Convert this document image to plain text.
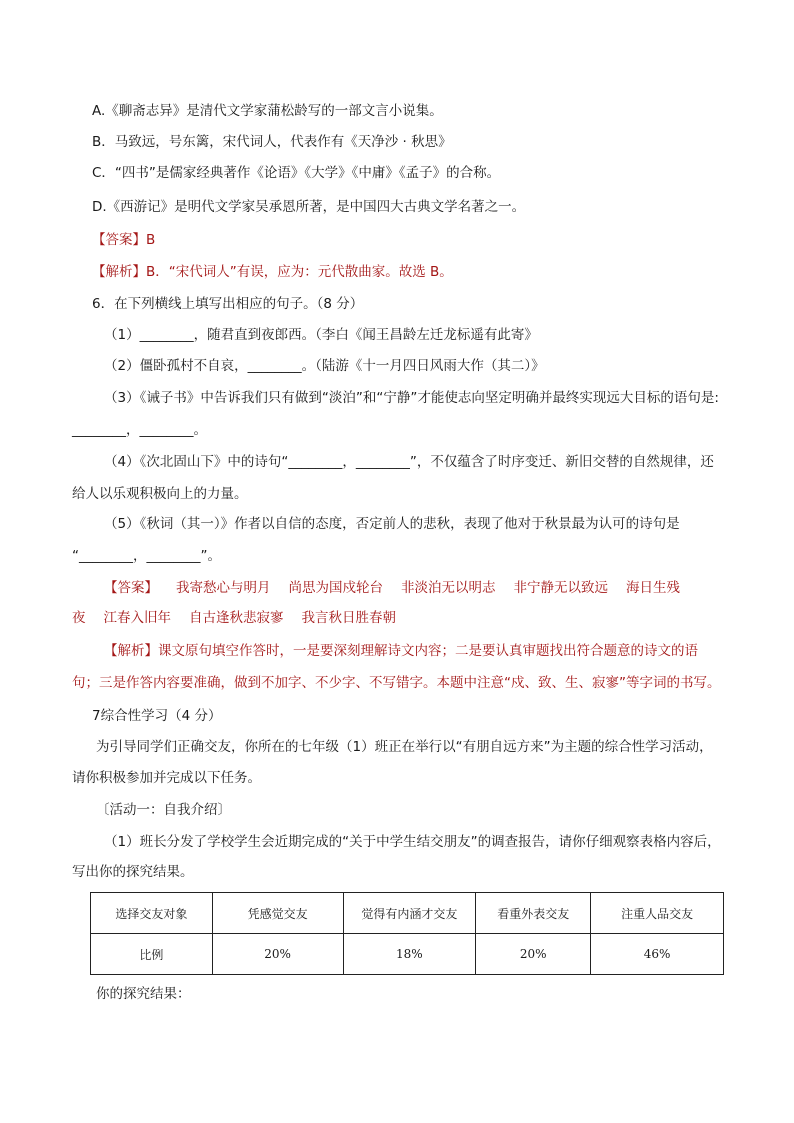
A.《聊斋志异》是清代文学家蒲松龄写的一部文言小说集。
B．马致远，号东篱，宋代词人，代表作有《天净沙 · 秋思》
C．“四书”是儒家经典著作《论语》《大学》《中庸》《孟子》的合称。
D.《西游记》是明代文学家吴承恩所著，是中国四大古典文学名著之一。
【答案】B
【解析】B．“宋代词人”有误，应为：元代散曲家。故选 B。
6．在下列横线上填写出相应的句子。（8 分）
（1）________，随君直到夜郎西。（李白《闻王昌龄左迁龙标遥有此寄》
（2）僵卧孤村不自哀，________。（陆游《十一月四日风雨大作（其二）》
（3）《诫子书》中告诉我们只有做到“淡泊”和“宁静”才能使志向坚定明确并最终实现远大目标的语句是:
________，________。
（4）《次北固山下》中的诗句“________，________”，不仅蕴含了时序变迁、新旧交替的自然规律，还
给人以乐观积极向上的力量。
（5）《秋词（其一）》作者以自信的态度，否定前人的悲秋，表现了他对于秋景最为认可的诗句是
“________，________”。
【答案】 我寄愁心与明月 尚思为国戍轮台 非淡泊无以明志 非宁静无以致远 海日生残
夜 江春入旧年 自古逢秋悲寂寥 我言秋日胜春朝
【解析】课文原句填空作答时，一是要深刻理解诗文内容；二是要认真审题找出符合题意的诗文的语
句；三是作答内容要准确，做到不加字、不少字、不写错字。本题中注意“戍、致、生、寂寥”等字词的书写。
7综合性学习（4 分）
为引导同学们正确交友，你所在的七年级（1）班正在举行以“有朋自远方来”为主题的综合性学习活动，
请你积极参加并完成以下任务。
〔活动一：自我介绍〕
（1）班长分发了学校学生会近期完成的“关于中学生结交朋友”的调查报告，请你仔细观察表格内容后，
写出你的探究结果。
选择交友对象	凭感觉交友	觉得有内涵才交友	看重外表交友	注重人品交友
比例	20%	18%	20%	46%
你的探究结果：
